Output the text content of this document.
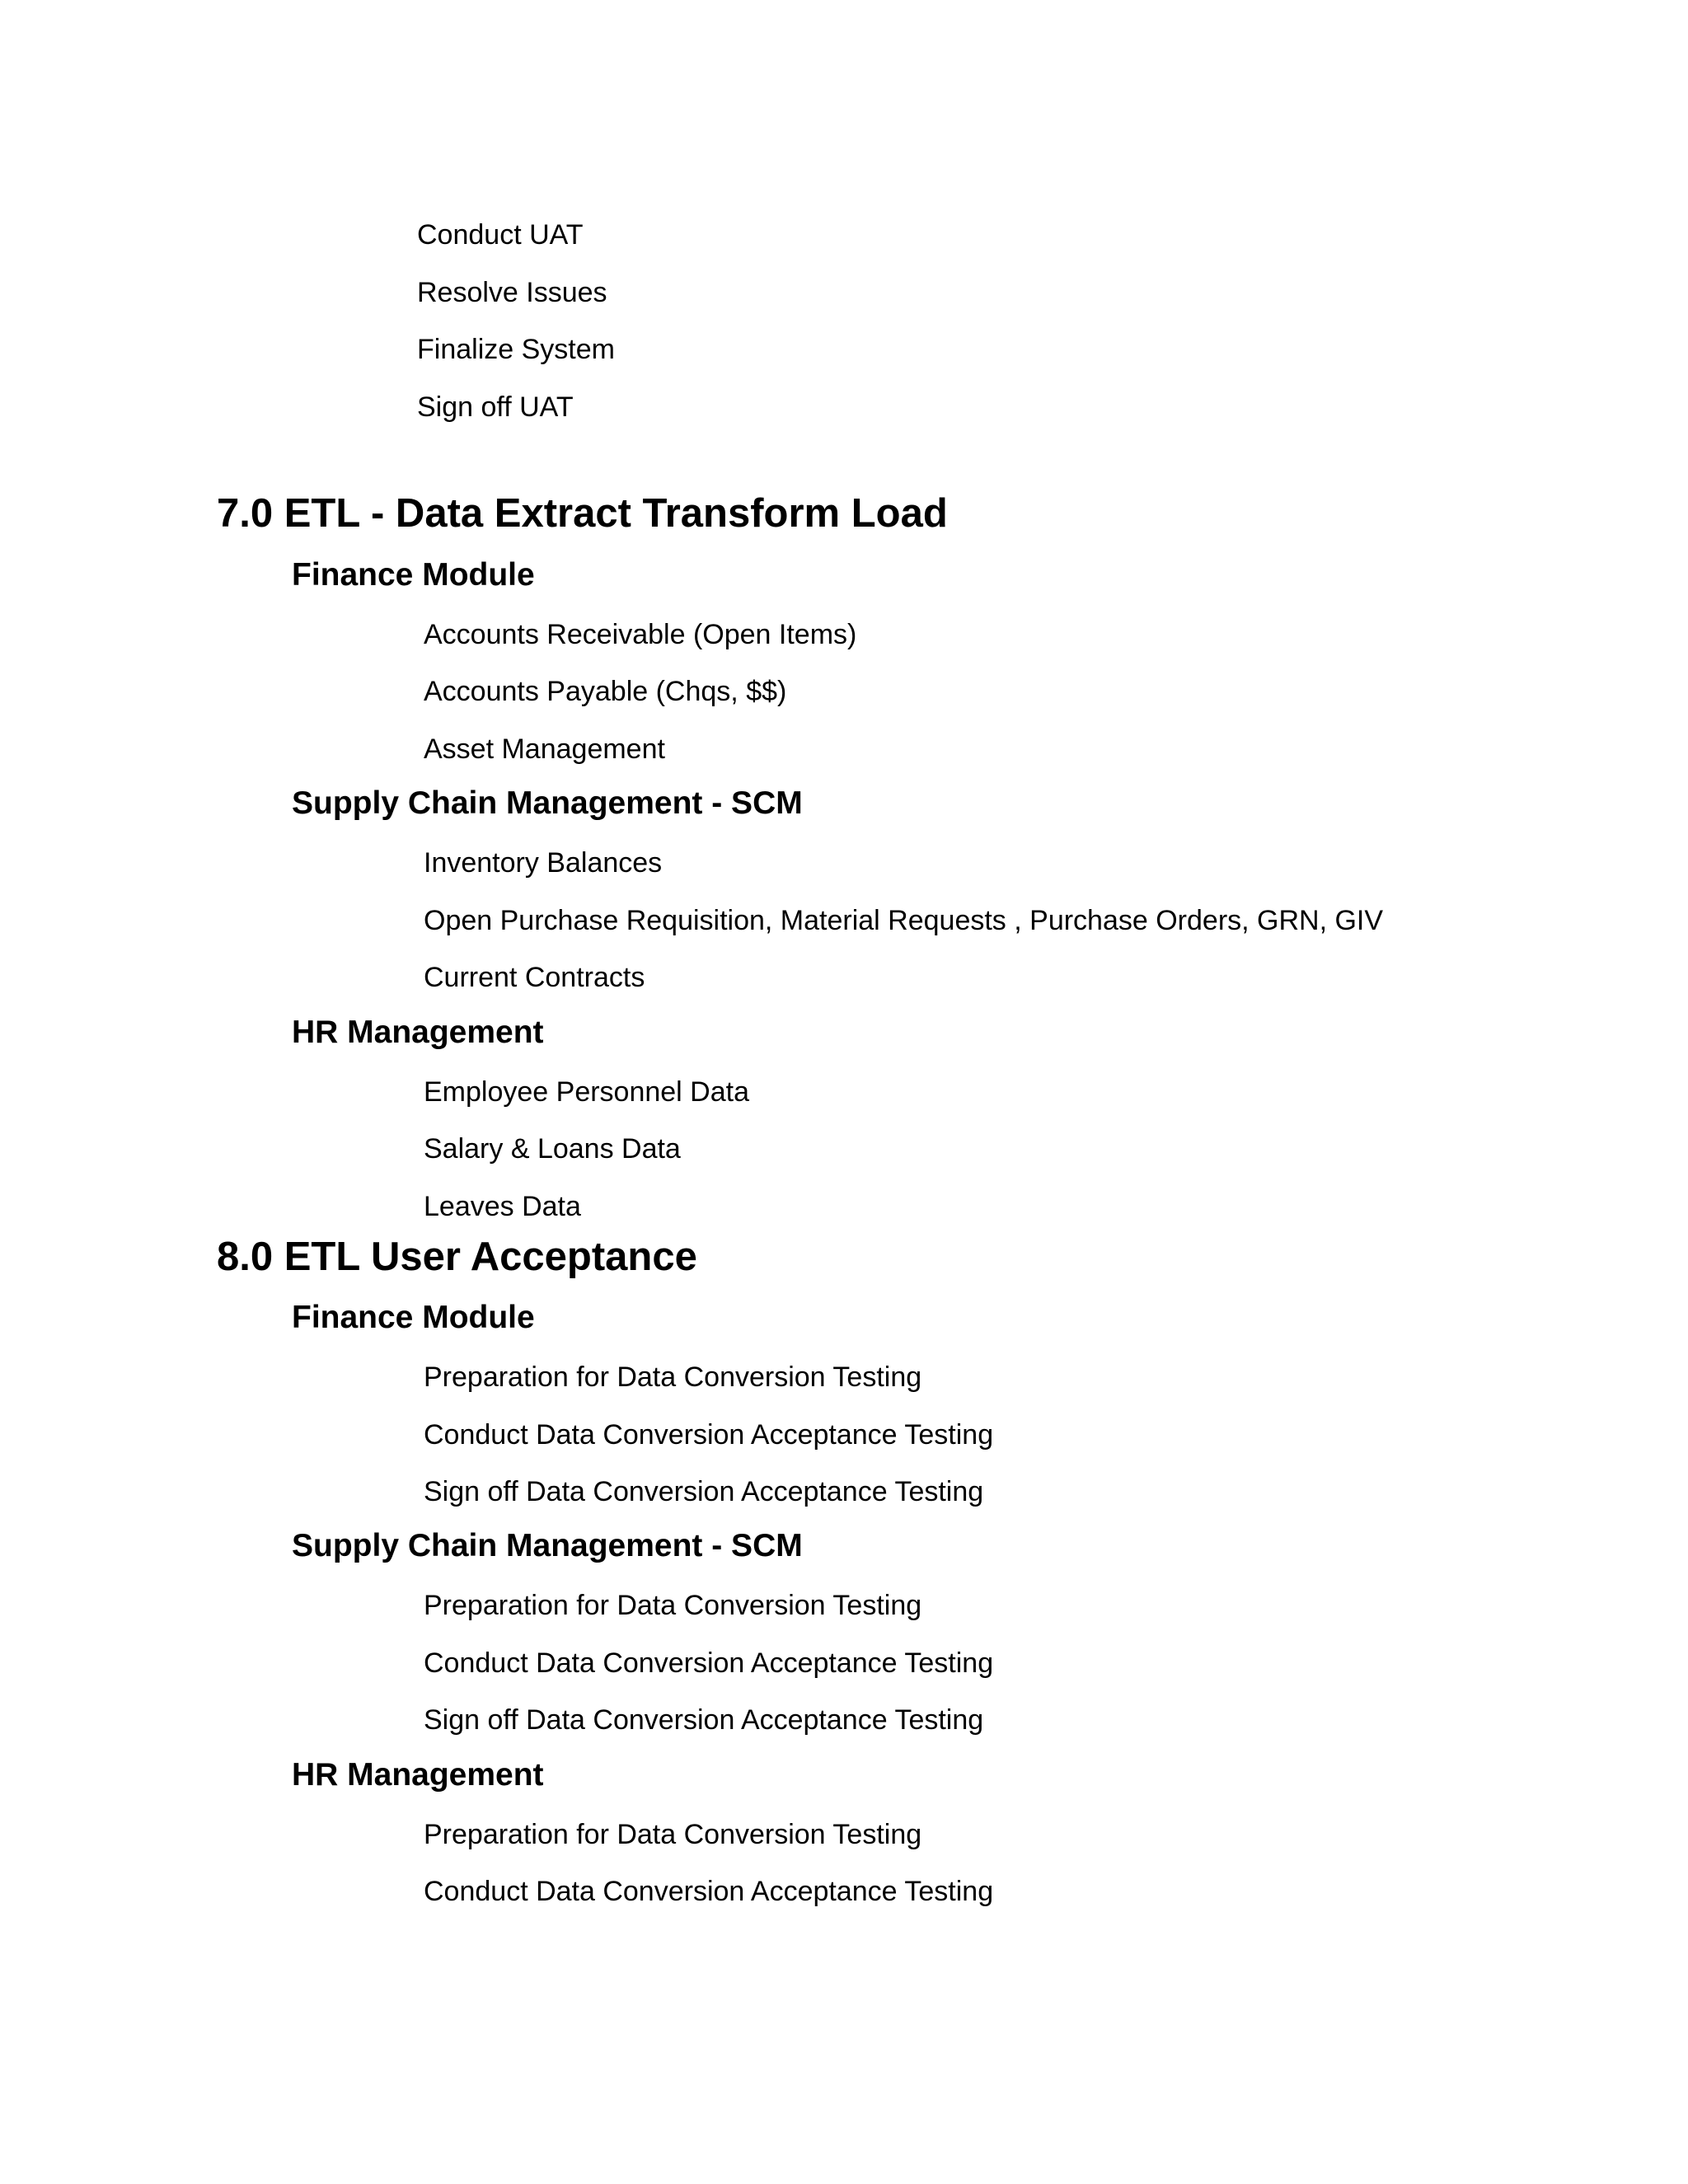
Conduct UAT
Resolve Issues
Finalize System
Sign off UAT
7.0 ETL - Data Extract Transform Load
Finance Module
Accounts Receivable (Open Items)
Accounts Payable (Chqs, $$)
Asset Management
Supply Chain Management - SCM
Inventory Balances
Open Purchase Requisition, Material Requests , Purchase Orders, GRN, GIV
Current Contracts
HR Management
Employee Personnel Data
Salary & Loans Data
Leaves Data
8.0 ETL User Acceptance
Finance Module
Preparation for Data Conversion Testing
Conduct Data Conversion Acceptance Testing
Sign off Data Conversion Acceptance Testing
Supply Chain Management - SCM
Preparation for Data Conversion Testing
Conduct Data Conversion Acceptance Testing
Sign off Data Conversion Acceptance Testing
HR Management
Preparation for Data Conversion Testing
Conduct Data Conversion Acceptance Testing
